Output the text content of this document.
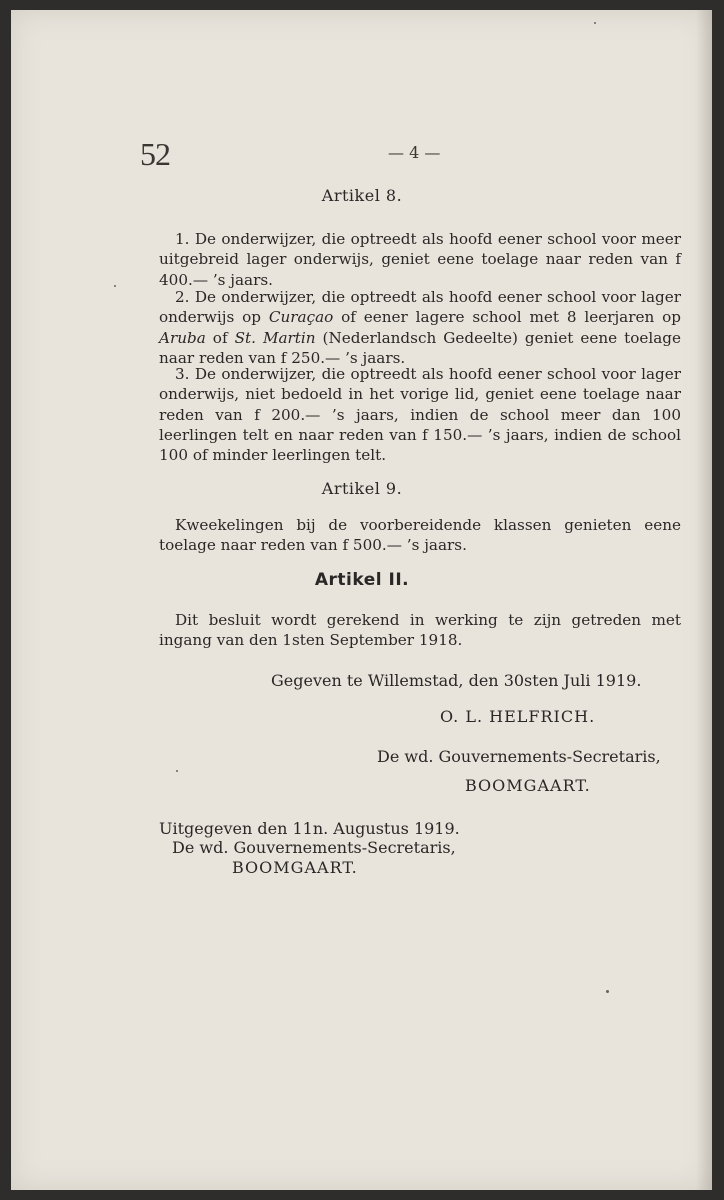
52	— 4 —
Artikel 8.

1. De onderwijzer, die optreedt als hoofd eener school voor meer uitgebreid lager onderwijs, geniet eene toelage naar reden van f 400.— ’s jaars.

2. De onderwijzer, die optreedt als hoofd eener school voor lager onderwijs op Curaçao of eener lagere school met 8 leerjaren op Aruba of St. Martin (Nederlandsch Gedeelte) geniet eene toelage naar reden van f 250.— ’s jaars.

3. De onderwijzer, die optreedt als hoofd eener school voor lager onderwijs, niet bedoeld in het vorige lid, geniet eene toelage naar reden van f 200.— ’s jaars, indien de school meer dan 100 leerlingen telt en naar reden van f 150.— ’s jaars, indien de school 100 of minder leerlingen telt.

Artikel 9.

Kweekelingen bij de voorbereidende klassen genieten eene toelage naar reden van f 500.— ’s jaars.

Artikel II.

Dit besluit wordt gerekend in werking te zijn getreden met ingang van den 1sten September 1918.

Gegeven te Willemstad, den 30sten Juli 1919.
O. L. HELFRICH.
De wd. Gouvernements-Secretaris,
BOOMGAART.
Uitgegeven den 11n. Augustus 1919.
De wd. Gouvernements-Secretaris,
BOOMGAART.
